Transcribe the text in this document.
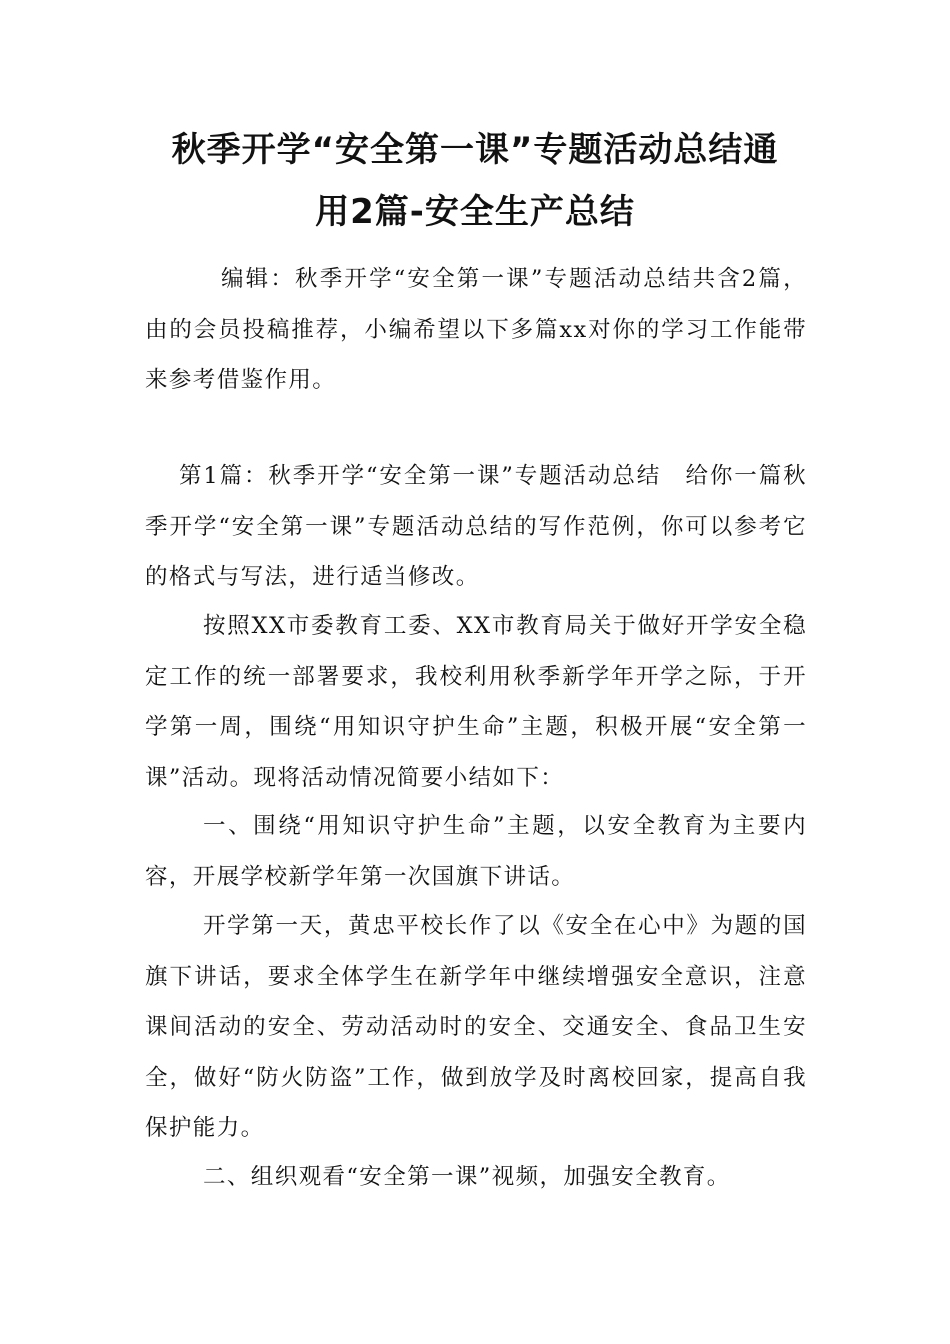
秋季开学“安全第一课”专题活动总结通
用2篇-安全生产总结

编辑：秋季开学“安全第一课”专题活动总结共含2篇，由的会员投稿推荐，小编希望以下多篇xx对你的学习工作能带来参考借鉴作用。

第1篇：秋季开学“安全第一课”专题活动总结　给你一篇秋季开学“安全第一课”专题活动总结的写作范例，你可以参考它的格式与写法，进行适当修改。

按照XX市委教育工委、XX市教育局关于做好开学安全稳定工作的统一部署要求，我校利用秋季新学年开学之际，于开学第一周，围绕“用知识守护生命”主题，积极开展“安全第一课”活动。现将活动情况简要小结如下：

一、围绕“用知识守护生命”主题，以安全教育为主要内容，开展学校新学年第一次国旗下讲话。

开学第一天，黄忠平校长作了以《安全在心中》为题的国旗下讲话，要求全体学生在新学年中继续增强安全意识，注意课间活动的安全、劳动活动时的安全、交通安全、食品卫生安全，做好“防火防盗”工作，做到放学及时离校回家，提高自我保护能力。

二、组织观看“安全第一课”视频，加强安全教育。
